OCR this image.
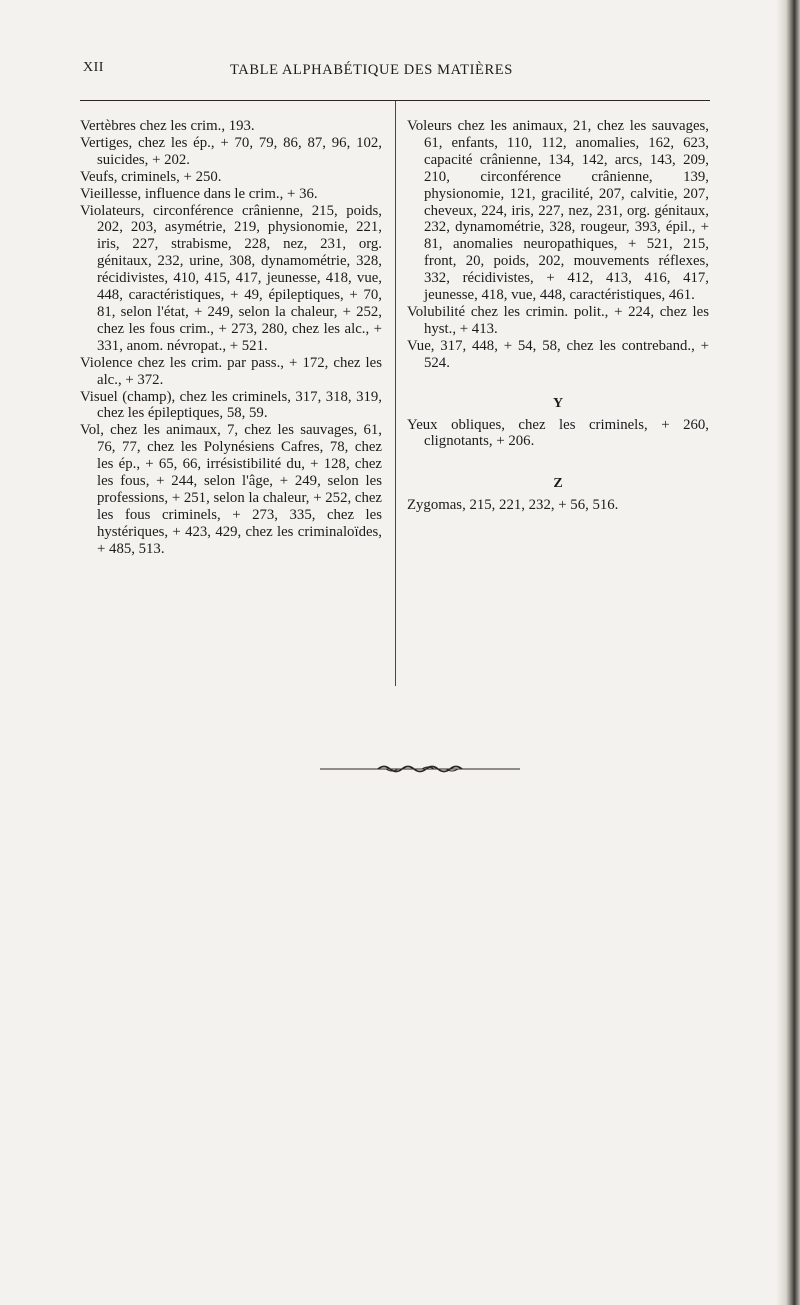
XII	TABLE ALPHABÉTIQUE DES MATIÈRES

Vertèbres chez les crim., 193.

Vertiges, chez les ép., + 70, 79, 86, 87, 96, 102, suicides, + 202.

Veufs, criminels, + 250.

Vieillesse, influence dans le crim., + 36.

Violateurs, circonférence crânienne, 215, poids, 202, 203, asymétrie, 219, physionomie, 221, iris, 227, strabisme, 228, nez, 231, org. génitaux, 232, urine, 308, dynamométrie, 328, récidivistes, 410, 415, 417, jeunesse, 418, vue, 448, caractéristiques, + 49, épileptiques, + 70, 81, selon l'état, + 249, selon la chaleur, + 252, chez les fous crim., + 273, 280, chez les alc., + 331, anom. névropat., + 521.

Violence chez les crim. par pass., + 172, chez les alc., + 372.

Visuel (champ), chez les criminels, 317, 318, 319, chez les épileptiques, 58, 59.

Vol, chez les animaux, 7, chez les sauvages, 61, 76, 77, chez les Polynésiens Cafres, 78, chez les ép., + 65, 66, irrésistibilité du, + 128, chez les fous, + 244, selon l'âge, + 249, selon les professions, + 251, selon la chaleur, + 252, chez les fous criminels, + 273, 335, chez les hystériques, + 423, 429, chez les criminaloïdes, + 485, 513.

Voleurs chez les animaux, 21, chez les sauvages, 61, enfants, 110, 112, anomalies, 162, 623, capacité crânienne, 134, 142, arcs, 143, 209, 210, circonférence crânienne, 139, physionomie, 121, gracilité, 207, calvitie, 207, cheveux, 224, iris, 227, nez, 231, org. génitaux, 232, dynamométrie, 328, rougeur, 393, épil., + 81, anomalies neuropathiques, + 521, 215, front, 20, poids, 202, mouvements réflexes, 332, récidivistes, + 412, 413, 416, 417, jeunesse, 418, vue, 448, caractéristiques, 461.

Volubilité chez les crimin. polit., + 224, chez les hyst., + 413.

Vue, 317, 448, + 54, 58, chez les contreband., + 524.

Y

Yeux obliques, chez les criminels, + 260, clignotants, + 206.

Z

Zygomas, 215, 221, 232, + 56, 516.
